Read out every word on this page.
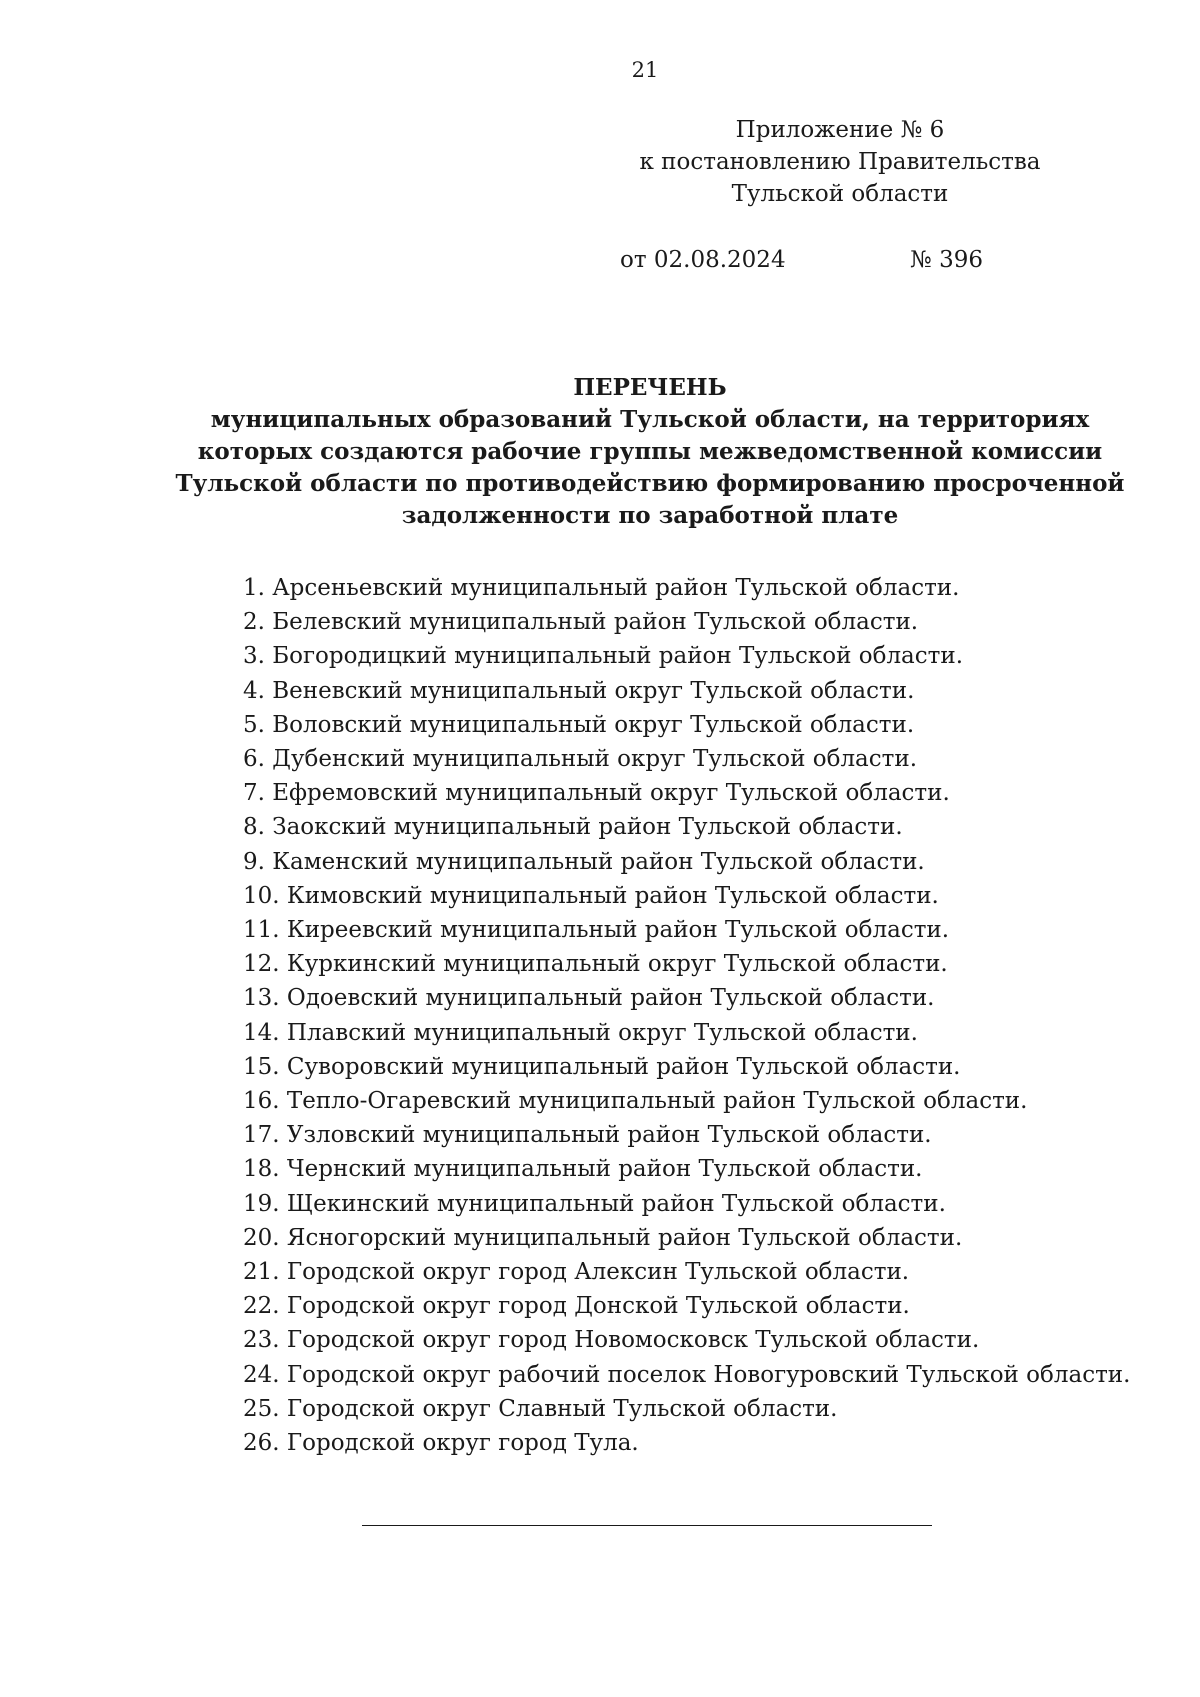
21

Приложение № 6
к постановлению Правительства
Тульской области
от 02.08.2024	№ 396
ПЕРЕЧЕНЬ
муниципальных образований Тульской области, на территориях
которых создаются рабочие группы межведомственной комиссии
Тульской области по противодействию формированию просроченной
задолженности по заработной плате
1. Арсеньевский муниципальный район Тульской области.
2. Белевский муниципальный район Тульской области.
3. Богородицкий муниципальный район Тульской области.
4. Веневский муниципальный округ Тульской области.
5. Воловский муниципальный округ Тульской области.
6. Дубенский муниципальный округ Тульской области.
7. Ефремовский муниципальный округ Тульской области.
8. Заокский муниципальный район Тульской области.
9. Каменский муниципальный район Тульской области.
10. Кимовский муниципальный район Тульской области.
11. Киреевский муниципальный район Тульской области.
12. Куркинский муниципальный округ Тульской области.
13. Одоевский муниципальный район Тульской области.
14. Плавский муниципальный округ Тульской области.
15. Суворовский муниципальный район Тульской области.
16. Тепло-Огаревский муниципальный район Тульской области.
17. Узловский муниципальный район Тульской области.
18. Чернский муниципальный район Тульской области.
19. Щекинский муниципальный район Тульской области.
20. Ясногорский муниципальный район Тульской области.
21. Городской округ город Алексин Тульской области.
22. Городской округ город Донской Тульской области.
23. Городской округ город Новомосковск Тульской области.
24. Городской округ рабочий поселок Новогуровский Тульской области.
25. Городской округ Славный Тульской области.
26. Городской округ город Тула.
